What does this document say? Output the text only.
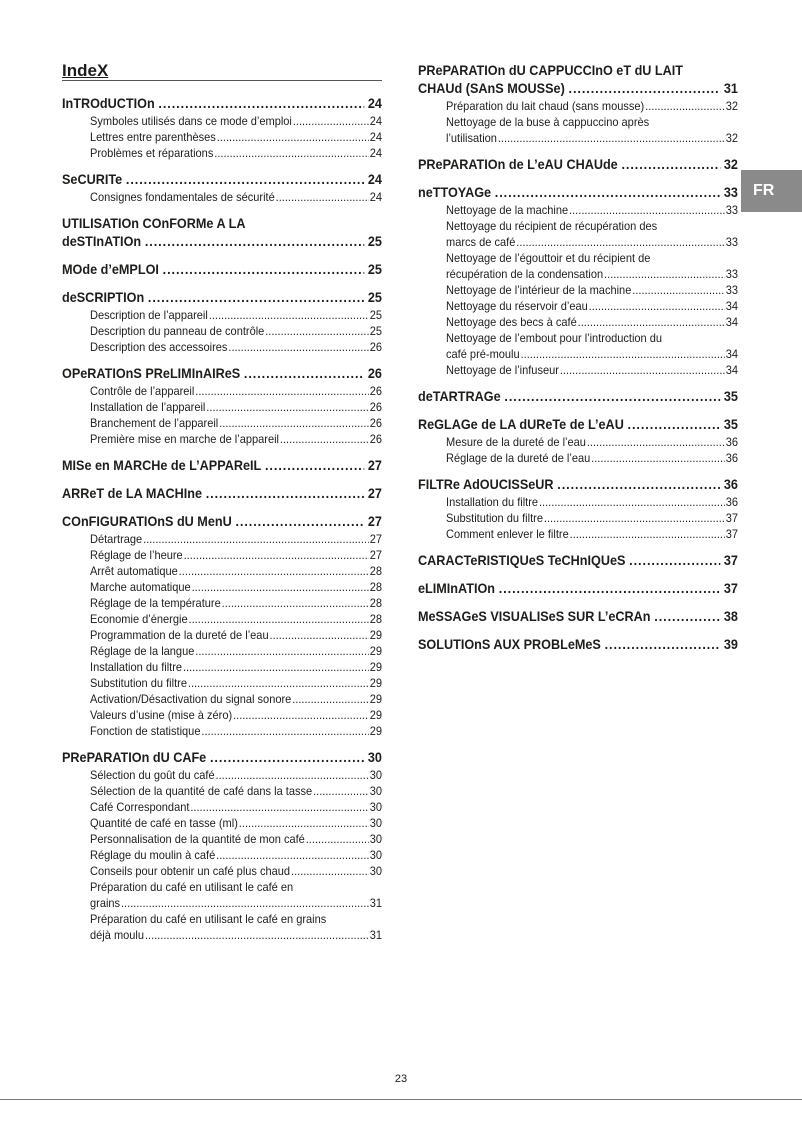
IndeX
InTROdUCTIOn .....	24
Symboles utilisés dans ce mode d’emploi .....	24
Lettres entre parenthèses .....	24
Problèmes et réparations .....	24
SeCURITe .....	24
Consignes fondamentales de sécurité .....	24
UTILISATIOn COnFORMe A LA
deSTInATIOn .....	25
MOde d’eMPLOI .....	25
deSCRIPTIOn .....	25
Description de l’appareil .....	25
Description du panneau de contrôle .....	25
Description des accessoires .....	26
OPeRATIOnS PReLIMInAIReS .....	26
Contrôle de l’appareil .....	26
Installation de l’appareil .....	26
Branchement de l’appareil .....	26
Première mise en marche de l’appareil .....	26
MISe en MARCHe de L’APPAReIL .....	27
ARReT de LA MACHIne .....	27
COnFIGURATIOnS dU MenU .....	27
Détartrage .....	27
Réglage de l’heure .....	27
Arrêt automatique .....	28
Marche automatique .....	28
Réglage de la température .....	28
Economie d’énergie .....	28
Programmation de la dureté de l’eau .....	29
Réglage de la langue .....	29
Installation du filtre .....	29
Substitution du filtre .....	29
Activation/Désactivation du signal sonore .....	29
Valeurs d’usine (mise à zéro) .....	29
Fonction de statistique .....	29
PRePARATIOn dU CAFe .....	30
Sélection du goût du café .....	30
Sélection de la quantité de café dans la tasse .....	30
Café Correspondant .....	30
Quantité de café en tasse (ml) .....	30
Personnalisation de la quantité de mon café .....	30
Réglage du moulin à café .....	30
Conseils pour obtenir un café plus chaud .....	30
Préparation du café en utilisant le café en
grains .....	31
Préparation du café en utilisant le café en grains
déjà moulu .....	31
PRePARATIOn dU CAPPUCCInO eT dU LAIT
CHAUd (SAnS MOUSSe) .....	31
Préparation du lait chaud (sans mousse) .....	32
Nettoyage de la buse à cappuccino après
l’utilisation .....	32
PRePARATIOn de L’eAU CHAUde .....	32
neTTOYAGe .....	33
Nettoyage de la machine .....	33
Nettoyage du récipient de récupération des
marcs de café .....	33
Nettoyage de l’égouttoir et du récipient de
récupération de la condensation .....	33
Nettoyage de l’intérieur de la machine .....	33
Nettoyage du réservoir d’eau .....	34
Nettoyage des becs à café .....	34
Nettoyage de l’embout pour l’introduction du
café pré-moulu .....	34
Nettoyage de l’infuseur .....	34
deTARTRAGe .....	35
ReGLAGe de LA dUReTe de L’eAU .....	35
Mesure de la dureté de l’eau .....	36
Réglage de la dureté de l’eau .....	36
FILTRe AdOUCISSeUR .....	36
Installation du filtre .....	36
Substitution du filtre .....	37
Comment enlever le filtre .....	37
CARACTeRISTIQUeS TeCHnIQUeS .....	37
eLIMInATIOn .....	37
MeSSAGeS VISUALISeS SUR L’eCRAn .....	38
SOLUTIOnS AUX PROBLeMeS .....	39
FR
23
